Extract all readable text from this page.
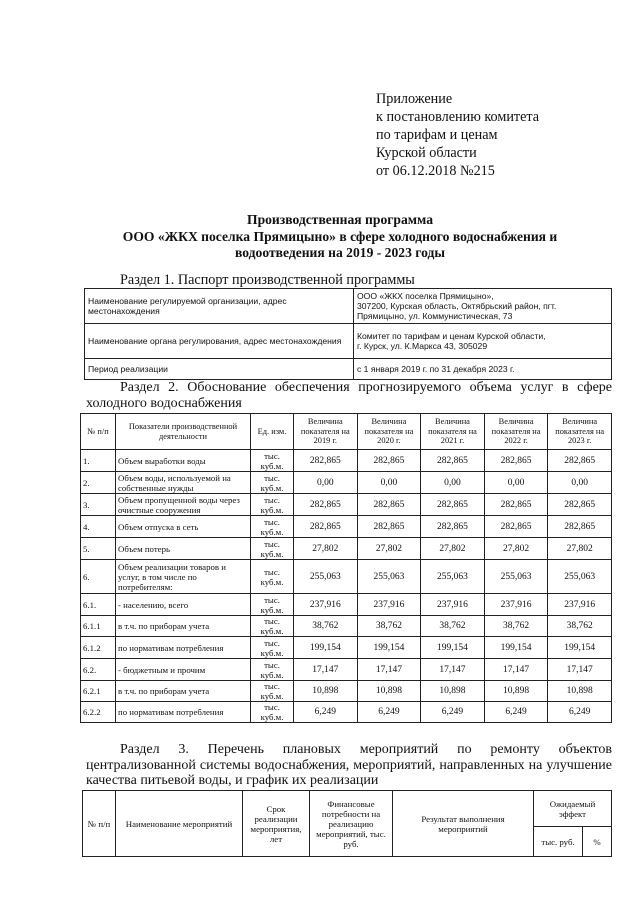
Приложение
к постановлению комитета
по тарифам и ценам
Курской области
от 06.12.2018 №215
Производственная программа
ООО «ЖКХ поселка Прямицыно» в сфере холодного водоснабжения и
водоотведения на 2019 - 2023 годы
Раздел 1. Паспорт производственной программы
Наименование регулируемой организации, адрес местонахождения	ООО «ЖКХ поселка Прямицыно»,
307200, Курская область, Октябрьский район, пгт.
Прямицыно, ул. Коммунистическая, 73

Наименование органа регулирования, адрес местонахождения	Комитет по тарифам и ценам Курской области,
г. Курск, ул. К.Маркса 43, 305029

Период реализации	с 1 января 2019 г. по 31 декабря 2023 г.
Раздел 2. Обоснование обеспечения прогнозируемого объема услуг в сфере холодного водоснабжения
№ п/п	Показатели производственной деятельности	Ед. изм.	Величина показателя на 2019 г.	Величина показателя на 2020 г.	Величина показателя на 2021 г.	Величина показателя на 2022 г.	Величина показателя на 2023 г.
1.	Объем выработки воды	тыс. куб.м.	282,865	282,865	282,865	282,865	282,865
2.	Объем воды, используемой на собственные нужды	тыс. куб.м.	0,00	0,00	0,00	0,00	0,00
3.	Объем пропущенной воды через очистные сооружения	тыс. куб.м.	282,865	282,865	282,865	282,865	282,865
4.	Объем отпуска в сеть	тыс. куб.м.	282,865	282,865	282,865	282,865	282,865
5.	Объем потерь	тыс. куб.м.	27,802	27,802	27,802	27,802	27,802
6.	Объем реализации товаров и услуг, в том числе по потребителям:	тыс. куб.м.	255,063	255,063	255,063	255,063	255,063
6.1.	- населению, всего	тыс. куб.м.	237,916	237,916	237,916	237,916	237,916
6.1.1	в т.ч. по приборам учета	тыс. куб.м.	38,762	38,762	38,762	38,762	38,762
6.1.2	по нормативам потребления	тыс. куб.м.	199,154	199,154	199,154	199,154	199,154
6.2.	- бюджетным и прочим	тыс. куб.м.	17,147	17,147	17,147	17,147	17,147
6.2.1	в т.ч. по приборам учета	тыс. куб.м.	10,898	10,898	10,898	10,898	10,898
6.2.2	по нормативам потребления	тыс. куб.м.	6,249	6,249	6,249	6,249	6,249
Раздел 3. Перечень плановых мероприятий по ремонту объектов централизованной системы водоснабжения, мероприятий, направленных на улучшение качества питьевой воды, и график их реализации
№ п/п	Наименование мероприятий	Срок реализации мероприятия, лет	Финансовые потребности на реализацию мероприятий, тыс. руб.	Результат выполнения мероприятий	Ожидаемый эффект	
					тыс. руб.	%
